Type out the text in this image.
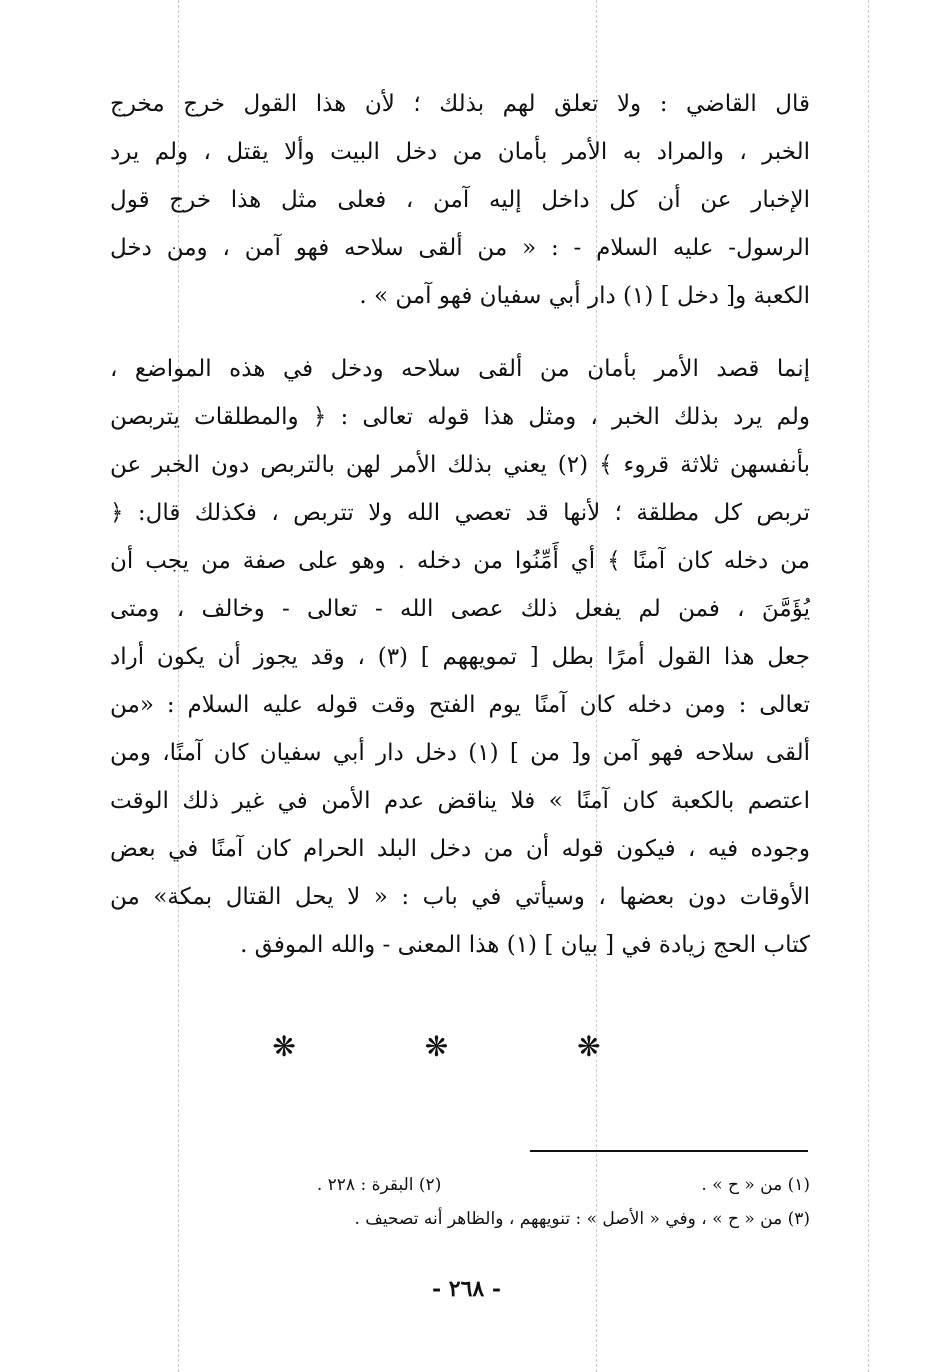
قال القاضي : ولا تعلق لهم بذلك ؛ لأن هذا القول خرج مخرج
الخبر ، والمراد به الأمر بأمان من دخل البيت وألا يقتل ، ولم يرد
الإخبار عن أن كل داخل إليه آمن ، فعلى مثل هذا خرج قول
الرسول- عليه السلام - : « من ألقى سلاحه فهو آمن ، ومن دخل
الكعبة و[ دخل ] (١) دار أبي سفيان فهو آمن » .
إنما قصد الأمر بأمان من ألقى سلاحه ودخل في هذه المواضع ،
ولم يرد بذلك الخبر ، ومثل هذا قوله تعالى : ﴿ والمطلقات يتربصن
بأنفسهن ثلاثة قروء ﴾ (٢) يعني بذلك الأمر لهن بالتربص دون الخبر عن
تربص كل مطلقة ؛ لأنها قد تعصي الله ولا تتربص ، فكذلك قال: ﴿
من دخله كان آمنًا ﴾ أي أَمِّنُوا من دخله . وهو على صفة من يجب أن
يُؤَمَّنَ ، فمن لم يفعل ذلك عصى الله - تعالى - وخالف ، ومتى
جعل هذا القول أمرًا بطل [ تمويههم ] (٣) ، وقد يجوز أن يكون أراد
تعالى : ومن دخله كان آمنًا يوم الفتح وقت قوله عليه السلام : «من
ألقى سلاحه فهو آمن و[ من ] (١) دخل دار أبي سفيان كان آمنًا، ومن
اعتصم بالكعبة كان آمنًا » فلا يناقض عدم الأمن في غير ذلك الوقت
وجوده فيه ، فيكون قوله أن من دخل البلد الحرام كان آمنًا في بعض
الأوقات دون بعضها ، وسيأتي في باب : « لا يحل القتال بمكة» من
كتاب الحج زيادة في [ بيان ] (١) هذا المعنى - والله الموفق .
❋ ❋ ❋
(١) من « ح » .
(٢) البقرة : ٢٢٨ .
(٣) من « ح » ، وفي « الأصل » : تنويههم ، والظاهر أنه تصحيف .
- ٢٦٨ -
